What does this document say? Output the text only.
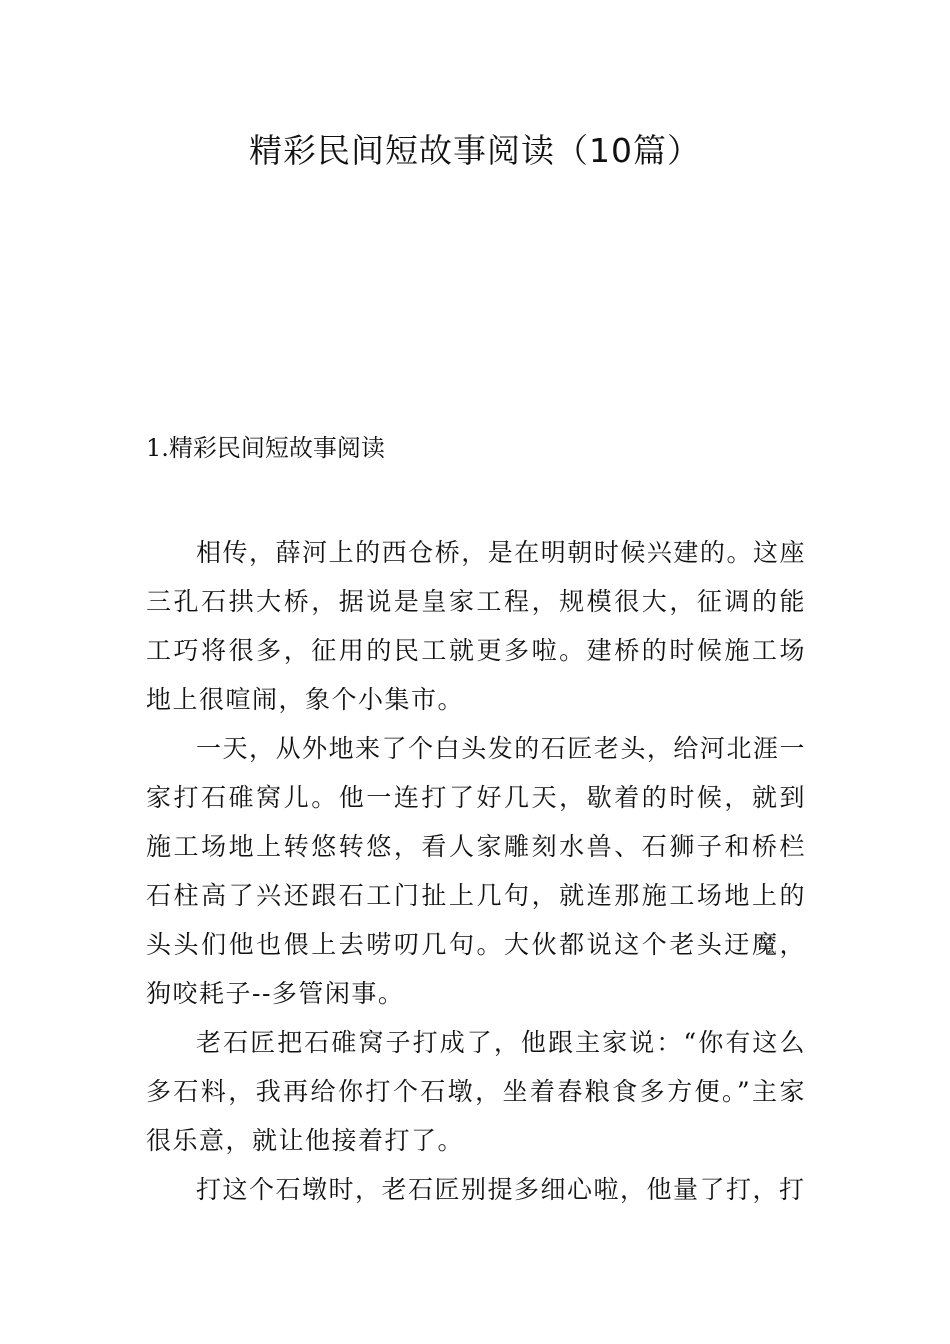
精彩民间短故事阅读（10篇）
1.精彩民间短故事阅读

相传，薛河上的西仓桥，是在明朝时候兴建的。这座三孔石拱大桥，据说是皇家工程，规模很大，征调的能工巧将很多，征用的民工就更多啦。建桥的时候施工场地上很喧闹，象个小集市。

一天，从外地来了个白头发的石匠老头，给河北涯一家打石碓窝儿。他一连打了好几天，歇着的时候，就到施工场地上转悠转悠，看人家雕刻水兽、石狮子和桥栏石柱高了兴还跟石工门扯上几句，就连那施工场地上的头头们他也偎上去唠叨几句。大伙都说这个老头迂魔，狗咬耗子--多管闲事。

老石匠把石碓窝子打成了，他跟主家说：“你有这么多石料，我再给你打个石墩，坐着舂粮食多方便。”主家很乐意，就让他接着打了。

打这个石墩时，老石匠别提多细心啦，他量了打，打
